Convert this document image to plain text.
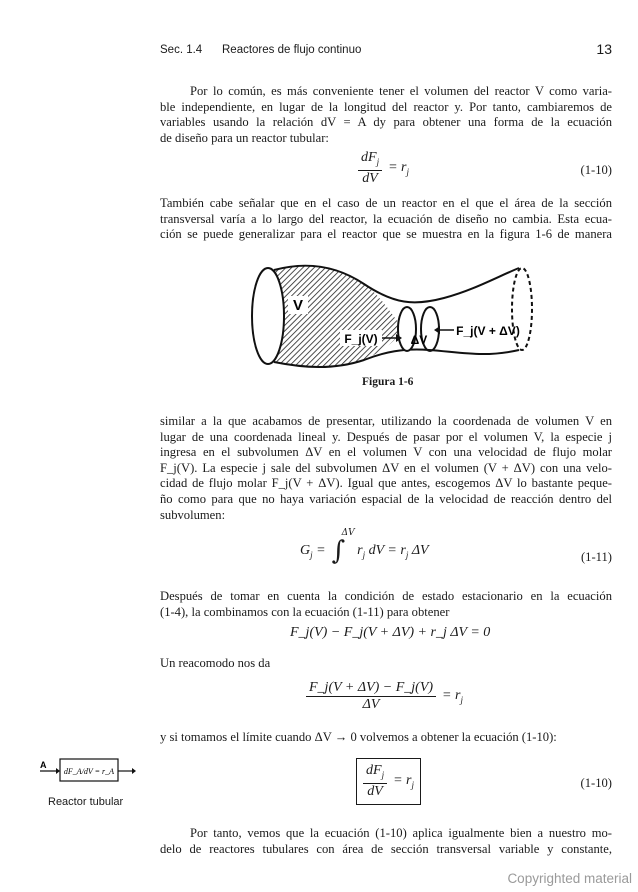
Sec. 1.4 Reactores de flujo continuo	13
Por lo común, es más conveniente tener el volumen del reactor V como varia-
ble independiente, en lugar de la longitud del reactor y. Por tanto, cambiaremos de
variables usando la relación dV = A dy para obtener una forma de la ecuación
de diseño para un reactor tubular:
$\frac{dF_j}{dV} = r_j$	(1-10)
También cabe señalar que en el caso de un reactor en el que el área de la sección
transversal varía a lo largo del reactor, la ecuación de diseño no cambia. Esta ecua-
ción se puede generalizar para el reactor que se muestra en la figura 1-6 de manera
V
F_j(V)	ΔV
F_j(V + ΔV)
Figura 1-6
similar a la que acabamos de presentar, utilizando la coordenada de volumen V en
lugar de una coordenada lineal y. Después de pasar por el volumen V, la especie j
ingresa en el subvolumen ΔV en el volumen V con una velocidad de flujo molar
F_j(V). La especie j sale del subvolumen ΔV en el volumen (V + ΔV) con una velo-
cidad de flujo molar F_j(V + ΔV). Igual que antes, escogemos ΔV lo bastante peque-
ño como para que no haya variación espacial de la velocidad de reacción dentro del
subvolumen:
$G_j$ = ∫
ΔV
$r_j$ dV = $r_j$ ΔV	(1-11)
Después de tomar en cuenta la condición de estado estacionario en la ecuación
(1-4), la combinamos con la ecuación (1-11) para obtener
F_j(V) − F_j(V + ΔV) + r_j ΔV = 0
Un reacomodo nos da
$\frac{F\_j(V + \Delta V) - F\_j(V)}{\Delta V} = r_j$
y si tomamos el límite cuando ΔV → 0 volvemos a obtener la ecuación (1-10):
$\frac{dF_j}{dV} = r_j$	(1-10)
A
dF_A/dV = r_A
Reactor tubular
Por tanto, vemos que la ecuación (1-10) aplica igualmente bien a nuestro mo-
delo de reactores tubulares con área de sección transversal variable y constante,
Copyrighted material
